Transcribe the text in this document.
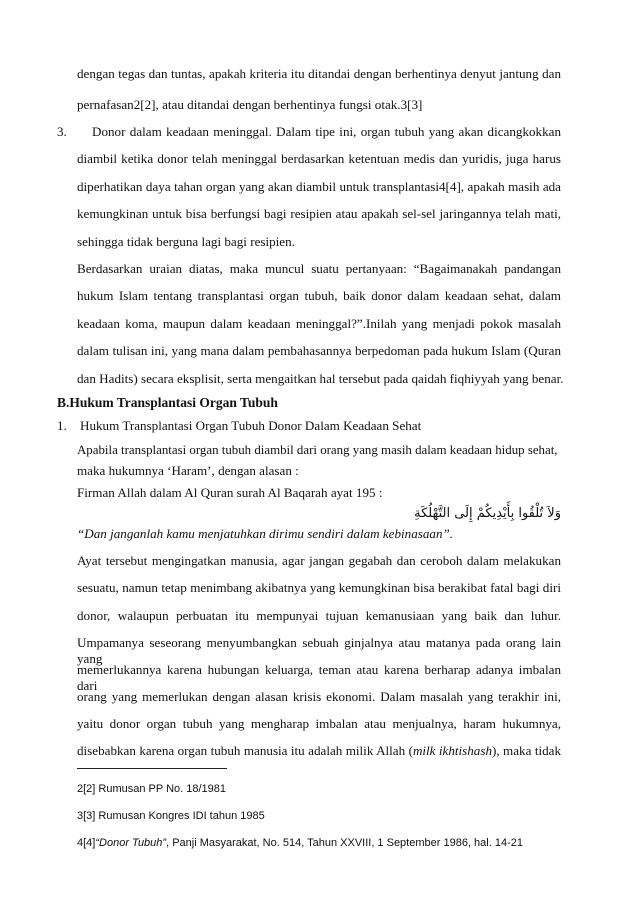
dengan tegas dan tuntas, apakah kriteria itu ditandai dengan berhentinya denyut jantung dan
pernafasan2[2], atau ditandai dengan berhentinya fungsi otak.3[3]
3. Donor dalam keadaan meninggal. Dalam tipe ini, organ tubuh yang akan dicangkokkan
diambil ketika donor telah meninggal berdasarkan ketentuan medis dan yuridis, juga harus
diperhatikan daya tahan organ yang akan diambil untuk transplantasi4[4], apakah masih ada
kemungkinan untuk bisa berfungsi bagi resipien atau apakah sel-sel jaringannya telah mati,
sehingga tidak berguna lagi bagi resipien.
Berdasarkan uraian diatas, maka muncul suatu pertanyaan: “Bagaimanakah pandangan
hukum Islam tentang transplantasi organ tubuh, baik donor dalam keadaan sehat, dalam
keadaan koma, maupun dalam keadaan meninggal?”.Inilah yang menjadi pokok masalah
dalam tulisan ini, yang mana dalam pembahasannya berpedoman pada hukum Islam (Quran
dan Hadits) secara eksplisit, serta mengaitkan hal tersebut pada qaidah fiqhiyyah yang benar.
B.Hukum Transplantasi Organ Tubuh
1. Hukum Transplantasi Organ Tubuh Donor Dalam Keadaan Sehat
Apabila transplantasi organ tubuh diambil dari orang yang masih dalam keadaan hidup sehat,
maka hukumnya ‘Haram’, dengan alasan :
Firman Allah dalam Al Quran surah Al Baqarah ayat 195 :
وَلاَ تُلْقُوا بِأَيْدِيكُمْ إِلَى التَّهْلُكَةِ
“Dan janganlah kamu menjatuhkan dirimu sendiri dalam kebinasaan”.
Ayat tersebut mengingatkan manusia, agar jangan gegabah dan ceroboh dalam melakukan
sesuatu, namun tetap menimbang akibatnya yang kemungkinan bisa berakibat fatal bagi diri
donor, walaupun perbuatan itu mempunyai tujuan kemanusiaan yang baik dan luhur.
Umpamanya seseorang menyumbangkan sebuah ginjalnya atau matanya pada orang lain yang
memerlukannya karena hubungan keluarga, teman atau karena berharap adanya imbalan dari
orang yang memerlukan dengan alasan krisis ekonomi. Dalam masalah yang terakhir ini,
yaitu donor organ tubuh yang mengharap imbalan atau menjualnya, haram hukumnya,
disebabkan karena organ tubuh manusia itu adalah milik Allah (milk ikhtishash), maka tidak
2[2] Rumusan PP No. 18/1981
3[3] Rumusan Kongres IDI tahun 1985
4[4]“Donor Tubuh”, Panji Masyarakat, No. 514, Tahun XXVIII, 1 September 1986, hal. 14-21
